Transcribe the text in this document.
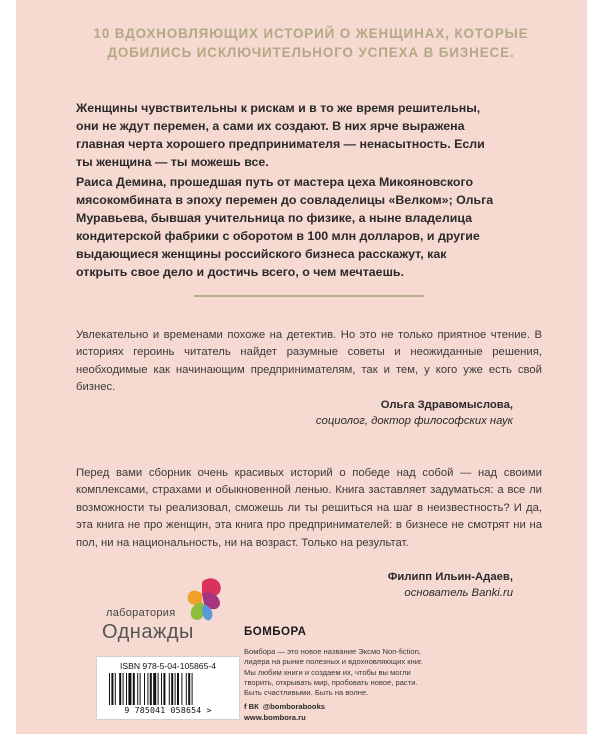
10 ВДОХНОВЛЯЮЩИХ ИСТОРИЙ О ЖЕНЩИНАХ, КОТОРЫЕ
ДОБИЛИСЬ ИСКЛЮЧИТЕЛЬНОГО УСПЕХА В БИЗНЕСЕ.
Женщины чувствительны к рискам и в то же время решительны,
они не ждут перемен, а сами их создают. В них ярче выражена
главная черта хорошего предпринимателя — ненасытность. Если
ты женщина — ты можешь все.
Раиса Демина, прошедшая путь от мастера цеха Микояновского
мясокомбината в эпоху перемен до совладелицы «Велком»; Ольга
Муравьева, бывшая учительница по физике, а ныне владелица
кондитерской фабрики с оборотом в 100 млн долларов, и другие
выдающиеся женщины российского бизнеса расскажут, как
открыть свое дело и достичь всего, о чем мечтаешь.
Увлекательно и временами похоже на детектив. Но это не только приятное чтение. В историях героинь читатель найдет разумные советы и неожиданные решения, необходимые как начинающим предпринимателям, так и тем, у кого уже есть свой бизнес.
Ольга Здравомыслова,
социолог, доктор философских наук
Перед вами сборник очень красивых историй о победе над собой — над своими комплексами, страхами и обыкновенной ленью. Книга заставляет задуматься: а все ли возможности ты реализовал, сможешь ли ты решиться на шаг в неизвестность? И да, эта книга не про женщин, эта книга про предпринимателей: в бизнесе не смотрят ни на пол, ни на национальность, ни на возраст. Только на результат.
Филипп Ильин-Адаев,
основатель Banki.ru
лаборатория
Однажды
ISBN 978-5-04-105865-4
9 785041 058654 >
БОМБОРА
Бомбора — это новое название Эксмо Non-fiction,
лидера на рынке полезных и вдохновляющих книг.
Мы любим книги и создаем их, чтобы вы могли
творить, открывать мир, пробовать новое, расти.
Быть счастливыми. Быть на волне.
f ВК @bomborabooks
www.bombora.ru
